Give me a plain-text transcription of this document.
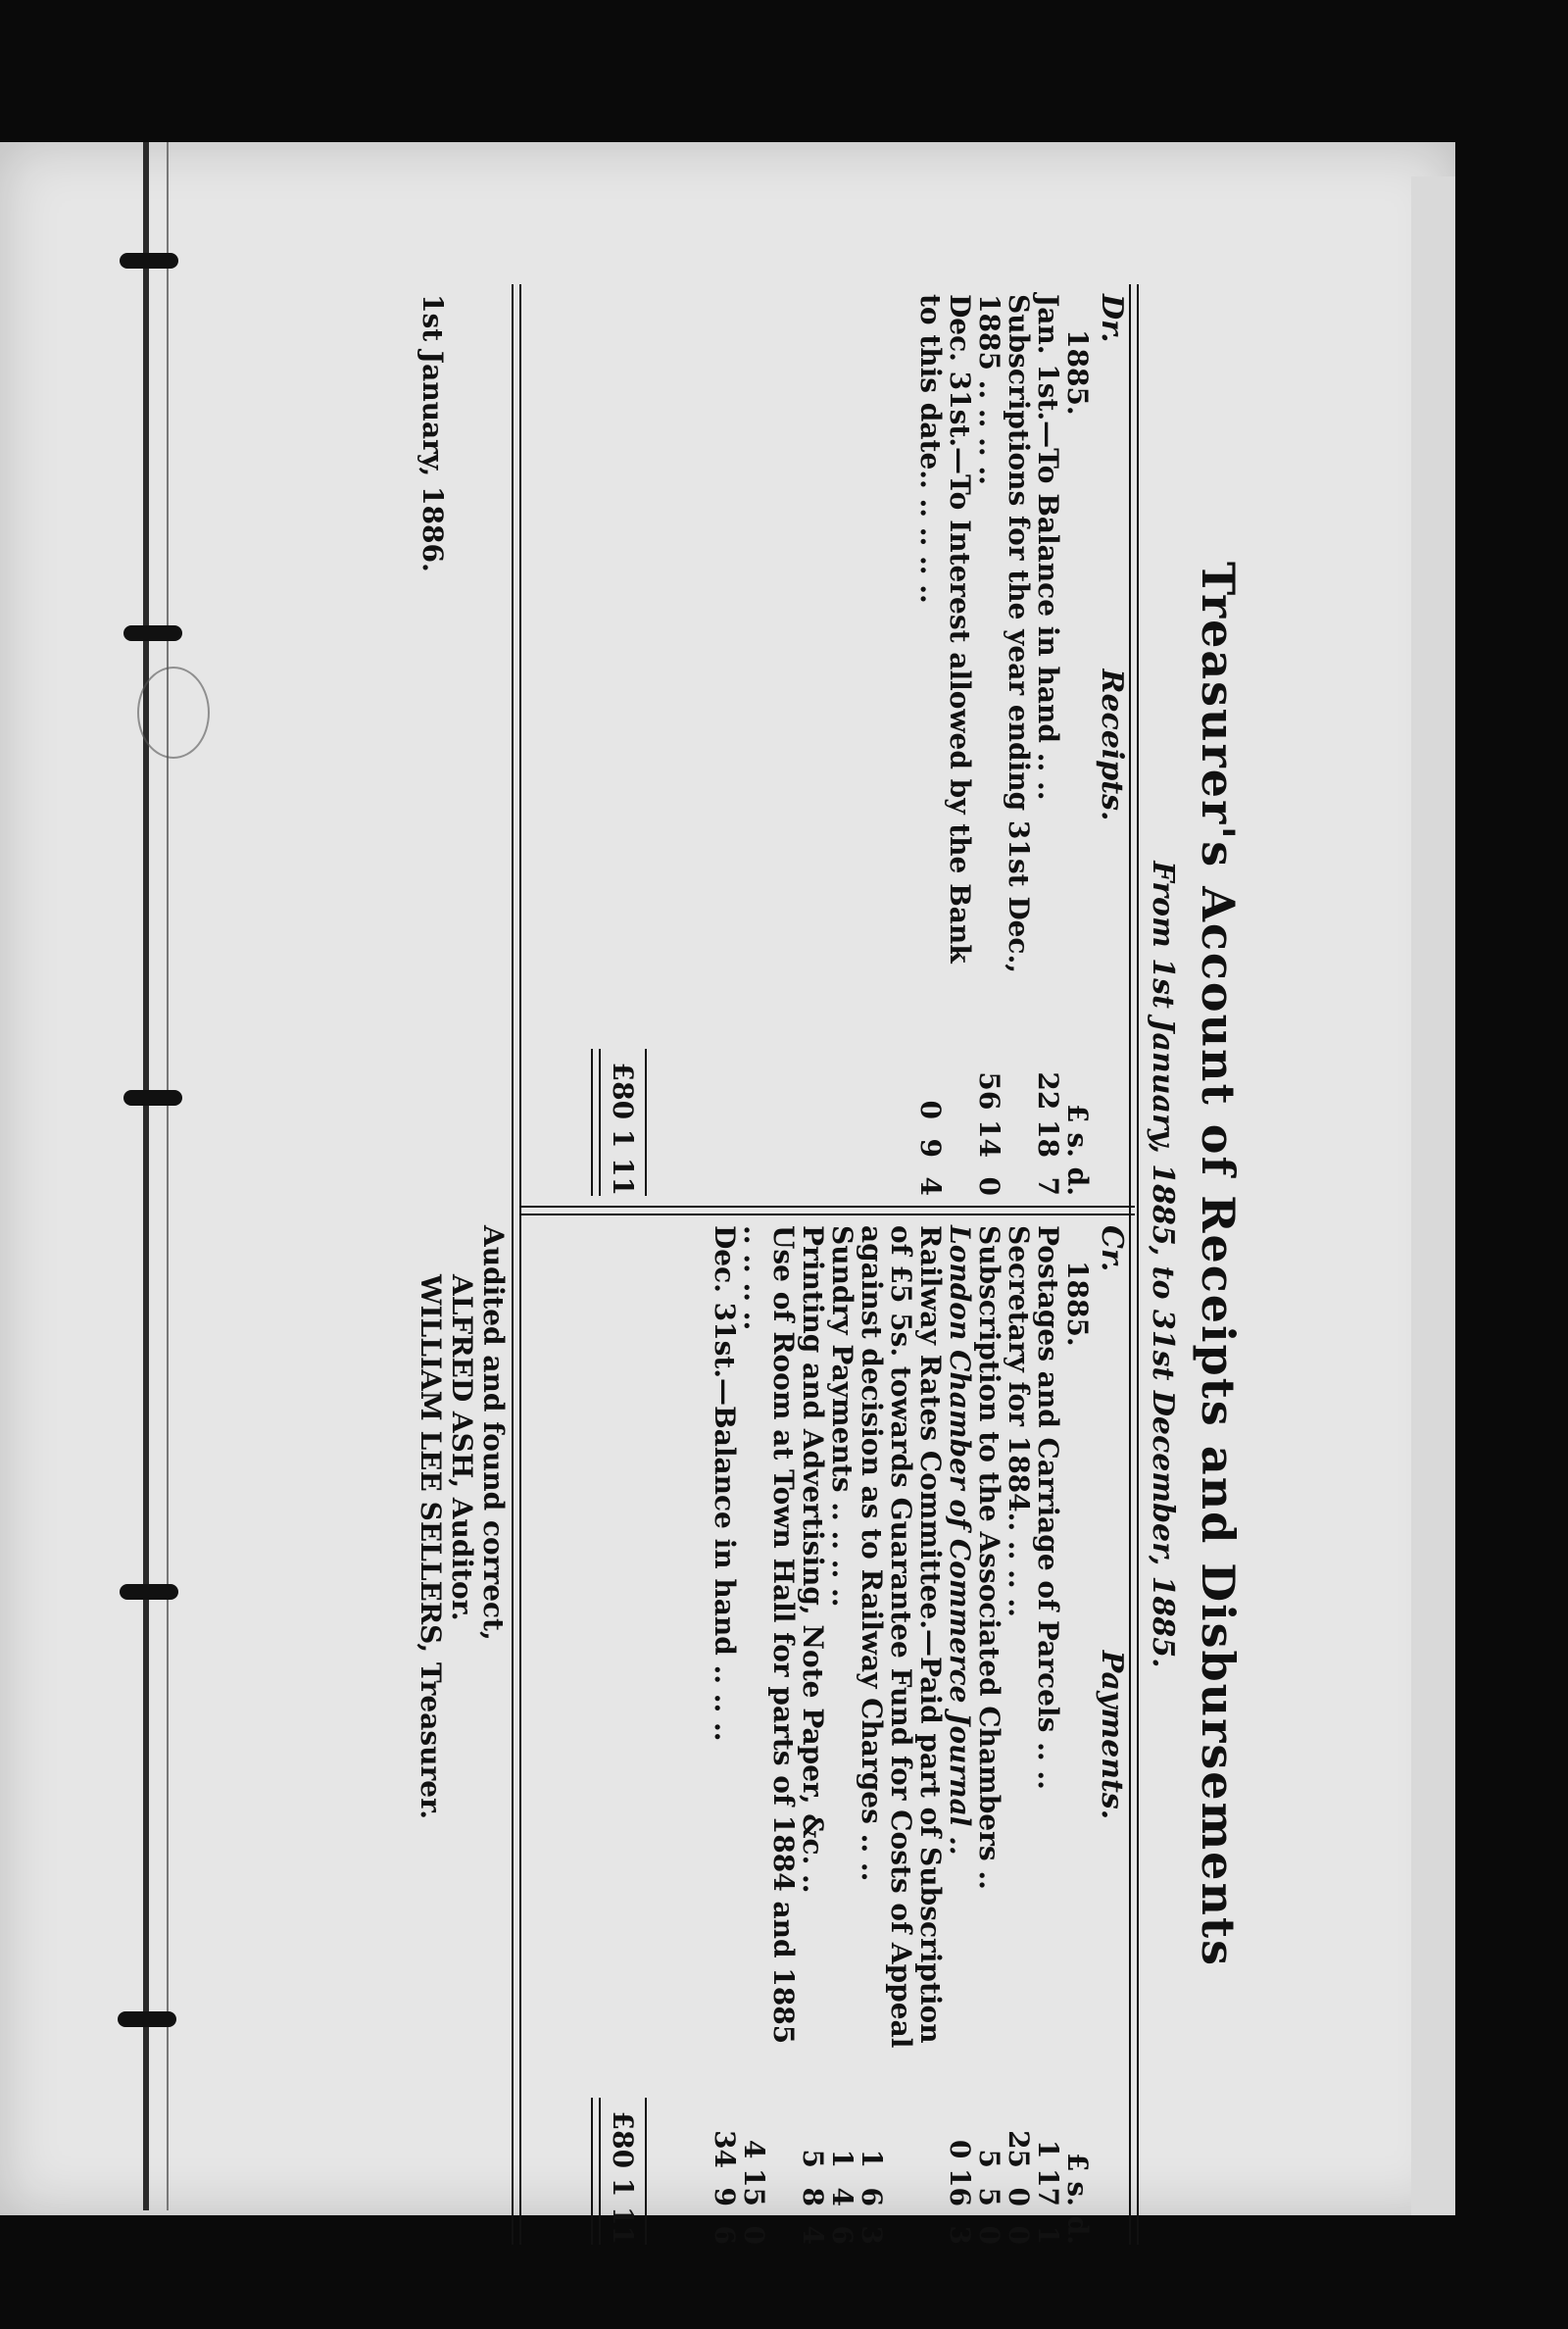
Treasurer's Account of Receipts and Disbursements
From 1st January, 1885, to 31st December, 1885.
Dr.
Receipts.
£ s. d.
1885.
Jan. 1st.—To Balance in hand .. ..
22 18  7
Subscriptions for the year ending 31st Dec., 1885 .. .. .. ..
56 14  0
Dec. 31st.—To Interest allowed by the Bank to this date.. .. .. .. ..
0  9  4
Cr.
Payments.
£ s. d.
1885.
Postages and Carriage of Parcels .. ..
1 17  1
Secretary for 1884.. .. .. ..
25  0  0
Subscription to the Associated Chambers ..
5  5  0
London Chamber of Commerce Journal ..
0 16  3
Railway Rates Committee.—Paid part of Subscription of £5 5s. towards Guarantee Fund for Costs of Appeal against decision as to Railway Charges .. ..
1  6  3
Sundry Payments .. .. .. ..
1  4  6
Printing and Advertising, Note Paper, &c. ..
5  8  4
Use of Room at Town Hall for parts of 1884 and 1885 .. .. .. ..
4 15  0
Dec. 31st.—Balance in hand .. .. ..
34  9  6
£80 1 11
£80 1 11
Audited and found correct,
ALFRED ASH, Auditor.
WILLIAM LEE SELLERS, Treasurer.
1st January, 1886.
